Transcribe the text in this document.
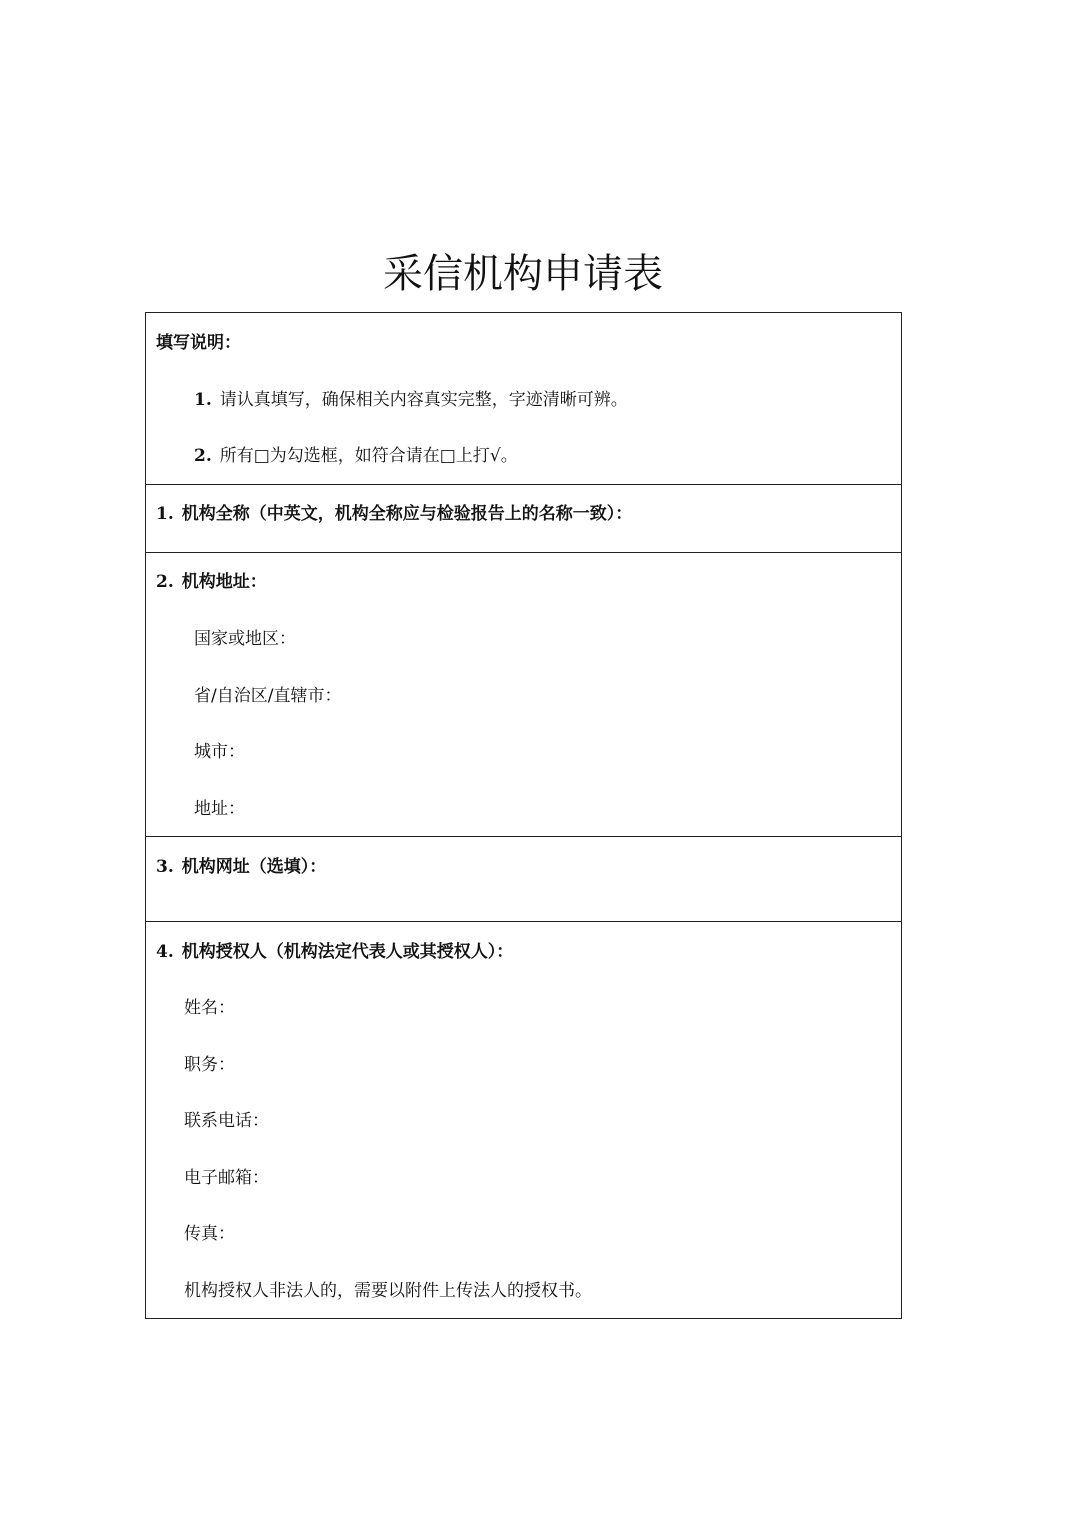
采信机构申请表
填写说明：
1. 请认真填写，确保相关内容真实完整，字迹清晰可辨。
2. 所有□为勾选框，如符合请在□上打√。
1. 机构全称（中英文，机构全称应与检验报告上的名称一致）：
2. 机构地址：
国家或地区：
省/自治区/直辖市：
城市：
地址：
3. 机构网址（选填）：
4. 机构授权人（机构法定代表人或其授权人）：
姓名：
职务：
联系电话：
电子邮箱：
传真：
机构授权人非法人的，需要以附件上传法人的授权书。
